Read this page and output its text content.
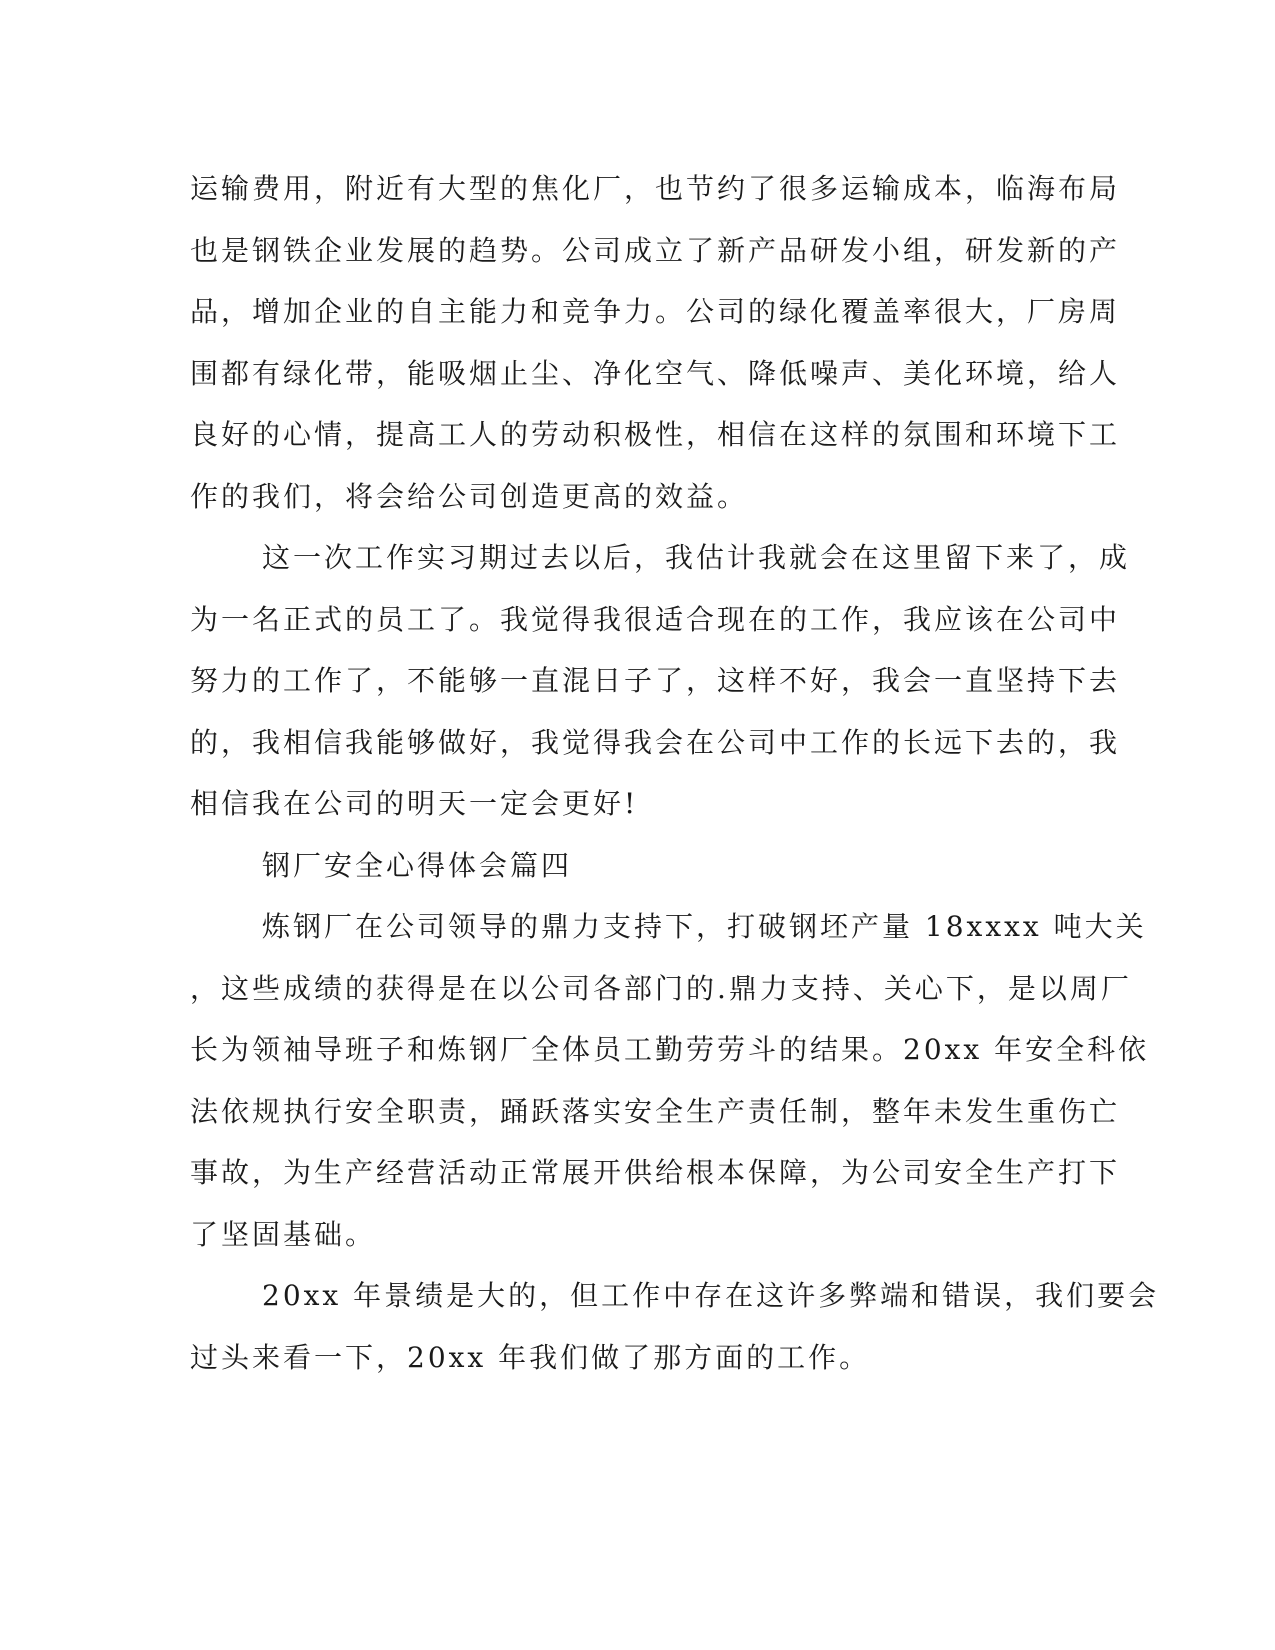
运输费用，附近有大型的焦化厂，也节约了很多运输成本，临海布局
也是钢铁企业发展的趋势。公司成立了新产品研发小组，研发新的产
品，增加企业的自主能力和竞争力。公司的绿化覆盖率很大，厂房周
围都有绿化带，能吸烟止尘、净化空气、降低噪声、美化环境，给人
良好的心情，提高工人的劳动积极性，相信在这样的氛围和环境下工
作的我们，将会给公司创造更高的效益。
这一次工作实习期过去以后，我估计我就会在这里留下来了，成
为一名正式的员工了。我觉得我很适合现在的工作，我应该在公司中
努力的工作了，不能够一直混日子了，这样不好，我会一直坚持下去
的，我相信我能够做好，我觉得我会在公司中工作的长远下去的，我
相信我在公司的明天一定会更好!
钢厂安全心得体会篇四
炼钢厂在公司领导的鼎力支持下，打破钢坯产量 18xxxx 吨大关
，这些成绩的获得是在以公司各部门的.鼎力支持、关心下，是以周厂
长为领袖导班子和炼钢厂全体员工勤劳劳斗的结果。20xx 年安全科依
法依规执行安全职责，踊跃落实安全生产责任制，整年未发生重伤亡
事故，为生产经营活动正常展开供给根本保障，为公司安全生产打下
了坚固基础。
20xx 年景绩是大的，但工作中存在这许多弊端和错误，我们要会
过头来看一下，20xx 年我们做了那方面的工作。
